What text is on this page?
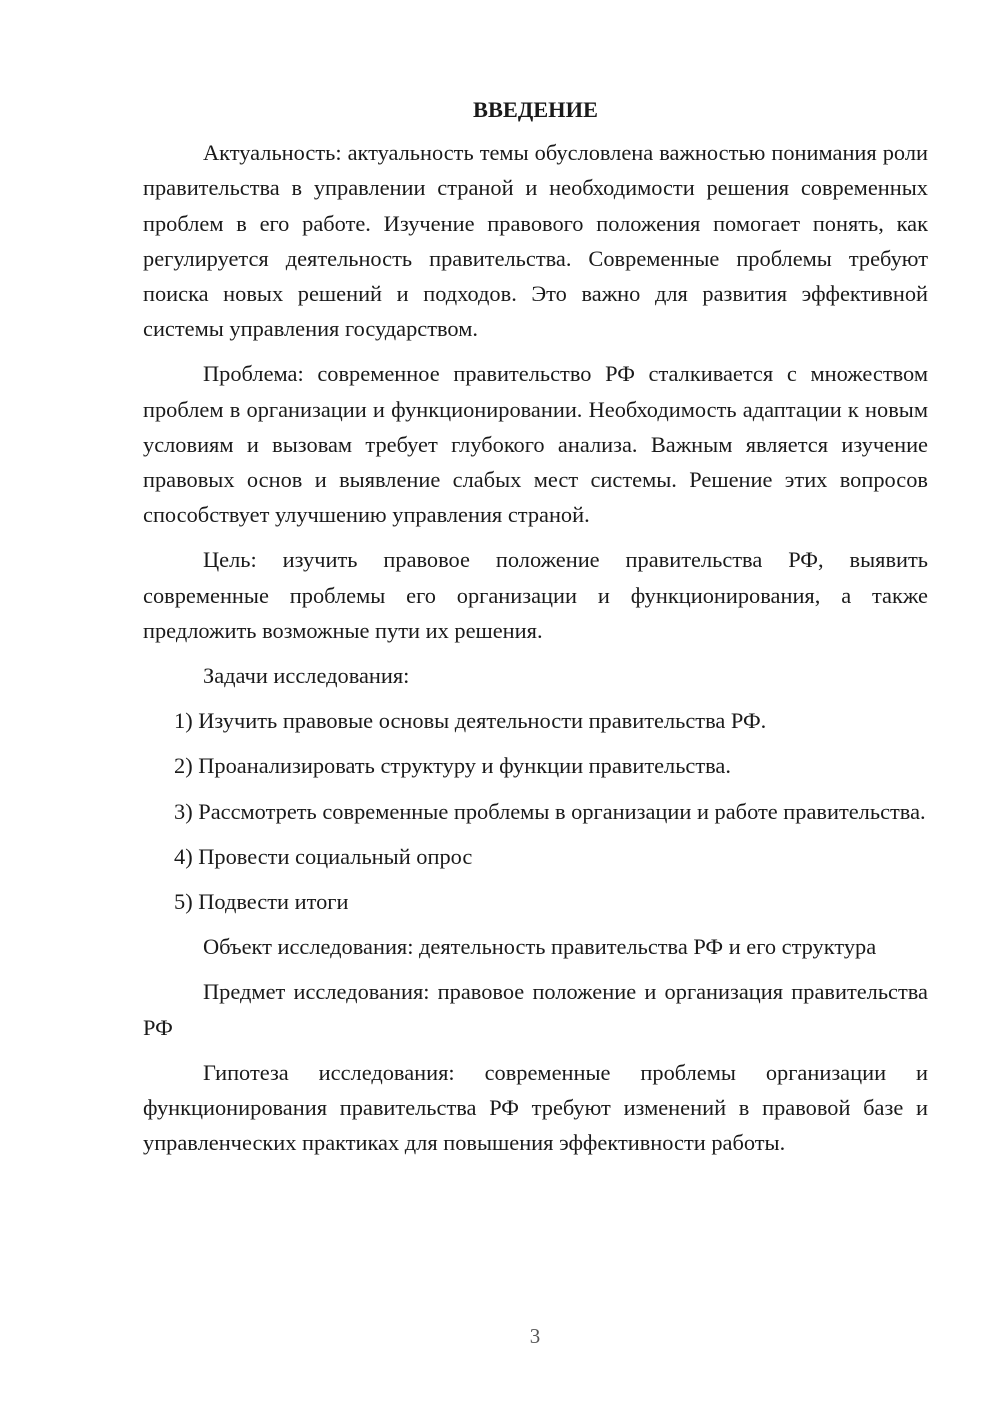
ВВЕДЕНИЕ
Актуальность: актуальность темы обусловлена важностью понимания роли правительства в управлении страной и необходимости решения современных проблем в его работе. Изучение правового положения помогает понять, как регулируется деятельность правительства. Современные проблемы требуют поиска новых решений и подходов. Это важно для развития эффективной системы управления государством.
Проблема: современное правительство РФ сталкивается с множеством проблем в организации и функционировании. Необходимость адаптации к новым условиям и вызовам требует глубокого анализа. Важным является изучение правовых основ и выявление слабых мест системы. Решение этих вопросов способствует улучшению управления страной.
Цель: изучить правовое положение правительства РФ, выявить современные проблемы его организации и функционирования, а также предложить возможные пути их решения.
Задачи исследования:
1) Изучить правовые основы деятельности правительства РФ.
2) Проанализировать структуру и функции правительства.
3) Рассмотреть современные проблемы в организации и работе правительства.
4) Провести социальный опрос
5) Подвести итоги
Объект исследования: деятельность правительства РФ и его структура
Предмет исследования: правовое положение и организация правительства РФ
Гипотеза исследования: современные проблемы организации и функционирования правительства РФ требуют изменений в правовой базе и управленческих практиках для повышения эффективности работы.
3
